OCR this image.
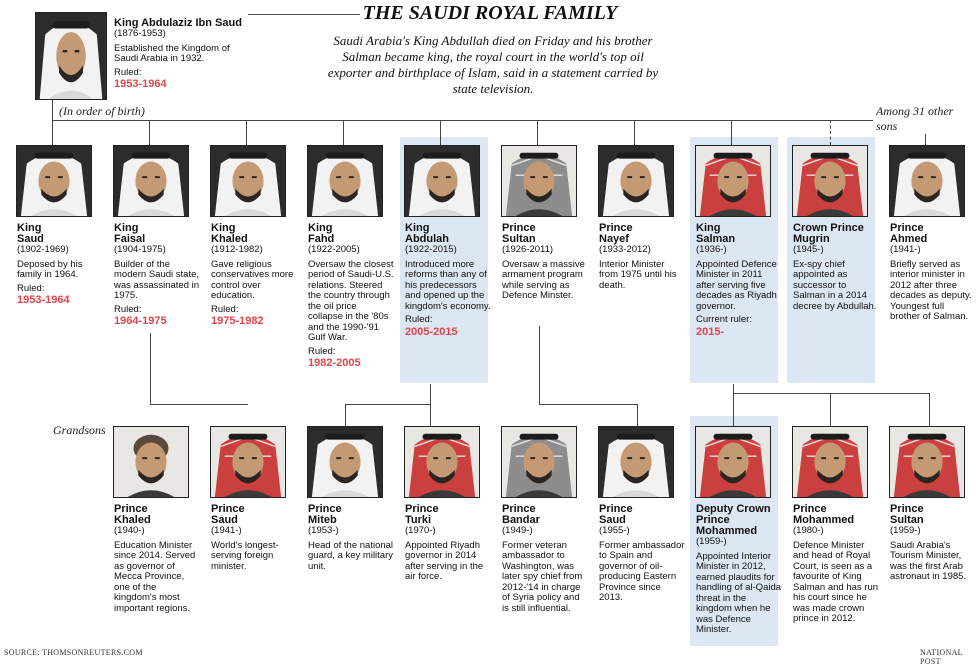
THE SAUDI ROYAL FAMILY
Saudi Arabia's King Abdullah died on Friday and his brother Salman became king, the royal court in the world's top oil exporter and birthplace of Islam, said in a statement carried by state television.
King Abdulaziz Ibn Saud
(1876-1953)
Established the Kingdom of Saudi Arabia in 1932.
Ruled:
1953-1964
King
Saud
(1902-1969)
Deposed by his family in 1964.
Ruled:
1953-1964
King
Faisal
(1904-1975)
Builder of the modern Saudi state, was assassinated in 1975.
Ruled:
1964-1975
King
Khaled
(1912-1982)
Gave religious conservatives more control over education.
Ruled:
1975-1982
King
Fahd
(1922-2005)
Oversaw the closest period of Saudi-U.S. relations. Steered the country through the oil price collapse in the '80s and the 1990-'91 Gulf War.
Ruled:
1982-2005
King
Abdulah
(1922-2015)
Introduced more reforms than any of his predecessors and opened up the kingdom's economy.
Ruled:
2005-2015
Prince
Sultan
(1926-2011)
Oversaw a massive armament program while serving as Defence Minster.
Prince
Nayef
(1933-2012)
Interior Minister from 1975 until his death.
King
Salman
(1936-)
Appointed Defence Minister in 2011 after serving five decades as Riyadh governor.
Current ruler:
2015-
Crown Prince
Mugrin
(1945-)
Ex-spy chief appointed as successor to Salman in a 2014 decree by Abdullah.
Prince
Ahmed
(1941-)
Briefly served as interior minister in 2012 after three decades as deputy. Youngest full brother of Salman.
Prince
Khaled
(1940-)
Education Minister since 2014. Served as governor of Mecca Province, one of the kingdom's most important regions.
Prince
Saud
(1941-)
World's longest-serving foreign minister.
Prince
Miteb
(1953-)
Head of the national guard, a key military unit.
Prince
Turki
(1970-)
Appointed Riyadh governor in 2014 after serving in the air force.
Prince
Bandar
(1949-)
Former veteran ambassador to Washington, was later spy chief from 2012-'14 in charge of Syria policy and is still influential.
Prince
Saud
(1955-)
Former ambassador to Spain and governor of oil-producing Eastern Province since 2013.
Deputy Crown Prince
Mohammed
(1959-)
Appointed Interior Minister in 2012, earned plaudits for handling of al-Qaida threat in the kingdom when he was Defence Minister.
Prince
Mohammed
(1980-)
Defence Minister and head of Royal Court, is seen as a favourite of King Salman and has run his court since he was made crown prince in 2012.
Prince
Sultan
(1959-)
Saudi Arabia's Tourism Minister, was the first Arab astronaut in 1985.
(In order of birth)	Among 31 other sons
Grandsons
SOURCE: THOMSONREUTERS.COM	NATIONAL POST
